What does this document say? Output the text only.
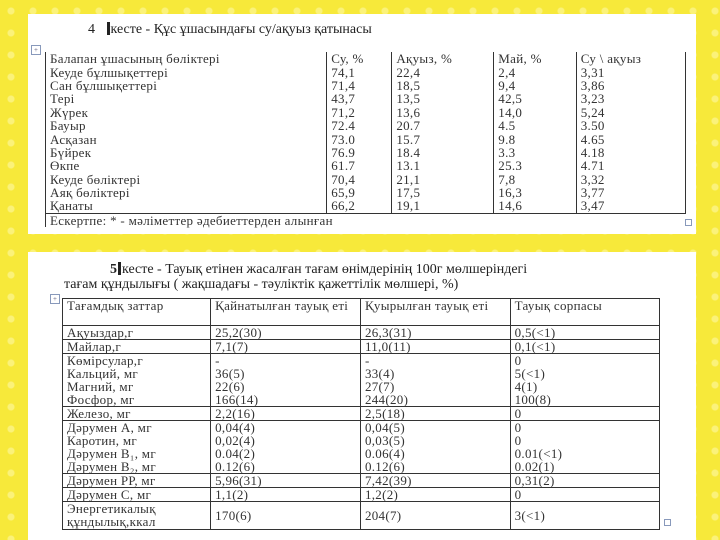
4 кесте - Құс ұшасындағы су/ақуыз қатынасы
+
Балапан ұшасының бөліктері	Су, %	Ақуыз, %	Май, %	Су \ ақуыз
Кеуде бұлшықеттері	74,1	22,4	2,4	3,31
Сан бұлшықеттері	71,4	18,5	9,4	3,86
Тері	43,7	13,5	42,5	3,23
Жүрек	71,2	13,6	14,0	5,24
Бауыр	72.4	20.7	4.5	3.50
Асқазан	73.0	15.7	9.8	4.65
Бүйрек	76.9	18.4	3.3	4.18
Өкпе	61.7	13.1	25.3	4.71
Кеуде бөліктері	70,4	21,1	7,8	3,32
Аяқ бөліктері	65,9	17,5	16,3	3,77
Қанаты	66,2	19,1	14,6	3,47
Ескертпе: * - мәліметтер әдебиеттерден алынған				
5 кесте - Тауық етінен жасалған тағам өнімдерінің 100г мөлшеріндегі
тағам құндылығы ( жақшадағы - тәуліктік қажеттілік мөлшері, %)
+ Тағамдық заттар	Қайнатылған тауық еті	Қуырылған тауық еті	Тауық сорпасы
Ақуыздар,г	25,2(30)	26,3(31)	0,5(<1)
Майлар,г	7,1(7)	11,0(11)	0,1(<1)
Көмірсулар,г	-	-	0
Кальций, мг	36(5)	33(4)	5(<1)
Магний, мг	22(6)	27(7)	4(1)
Фосфор, мг	166(14)	244(20)	100(8)
Железо, мг	2,2(16)	2,5(18)	0
Дәрумен А, мг	0,04(4)	0,04(5)	0
Каротин, мг	0,02(4)	0,03(5)	0
Дәрумен В₁, мг	0.04(2)	0.06(4)	0.01(<1)
Дәрумен В₂, мг	0.12(6)	0.12(6)	0.02(1)
Дәрумен РР, мг	5,96(31)	7,42(39)	0,31(2)
Дәрумен С, мг	1,1(2)	1,2(2)	0
Энергетикалық құндылық,ккал	170(6)	204(7)	3(<1)
